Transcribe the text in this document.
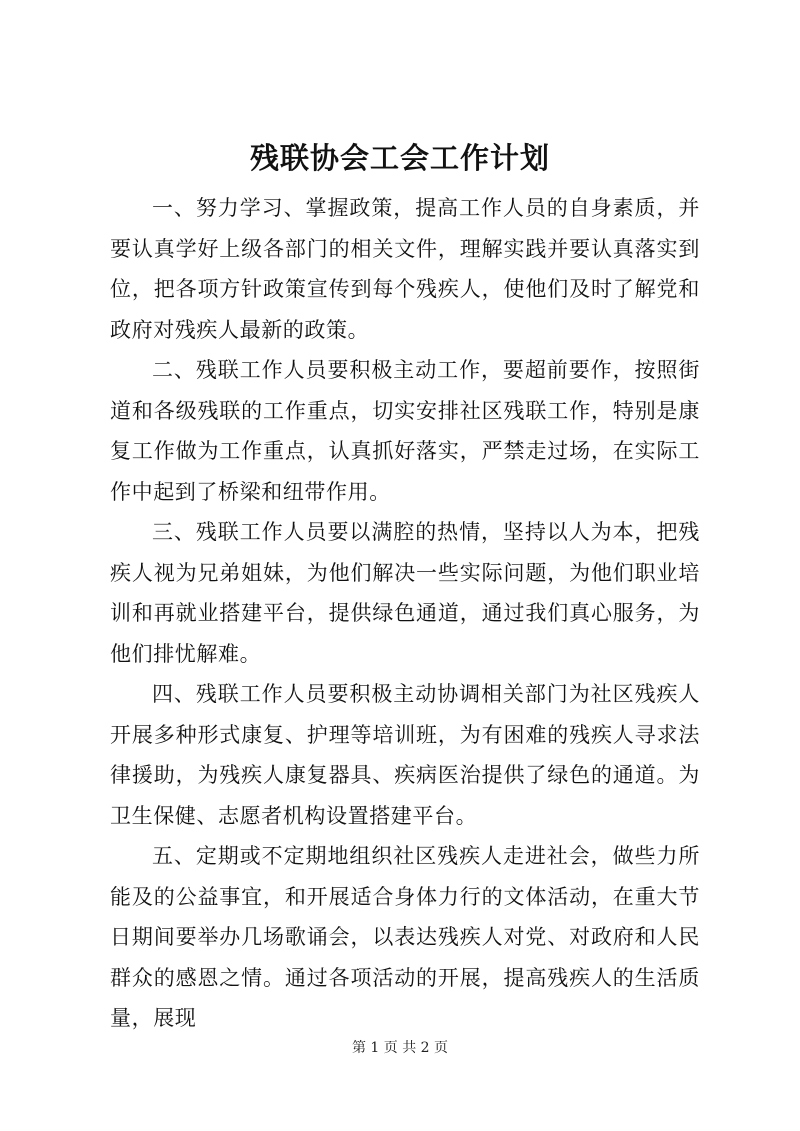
残联协会工会工作计划

一、努力学习、掌握政策，提高工作人员的自身素质，并要认真学好上级各部门的相关文件，理解实践并要认真落实到位，把各项方针政策宣传到每个残疾人，使他们及时了解党和政府对残疾人最新的政策。

二、残联工作人员要积极主动工作，要超前要作，按照街道和各级残联的工作重点，切实安排社区残联工作，特别是康复工作做为工作重点，认真抓好落实，严禁走过场，在实际工作中起到了桥梁和纽带作用。

三、残联工作人员要以满腔的热情，坚持以人为本，把残疾人视为兄弟姐妹，为他们解决一些实际问题，为他们职业培训和再就业搭建平台，提供绿色通道，通过我们真心服务，为他们排忧解难。

四、残联工作人员要积极主动协调相关部门为社区残疾人开展多种形式康复、护理等培训班，为有困难的残疾人寻求法律援助，为残疾人康复器具、疾病医治提供了绿色的通道。为卫生保健、志愿者机构设置搭建平台。

五、定期或不定期地组织社区残疾人走进社会，做些力所能及的公益事宜，和开展适合身体力行的文体活动，在重大节日期间要举办几场歌诵会，以表达残疾人对党、对政府和人民群众的感恩之情。通过各项活动的开展，提高残疾人的生活质量，展现

第 1 页 共 2 页
